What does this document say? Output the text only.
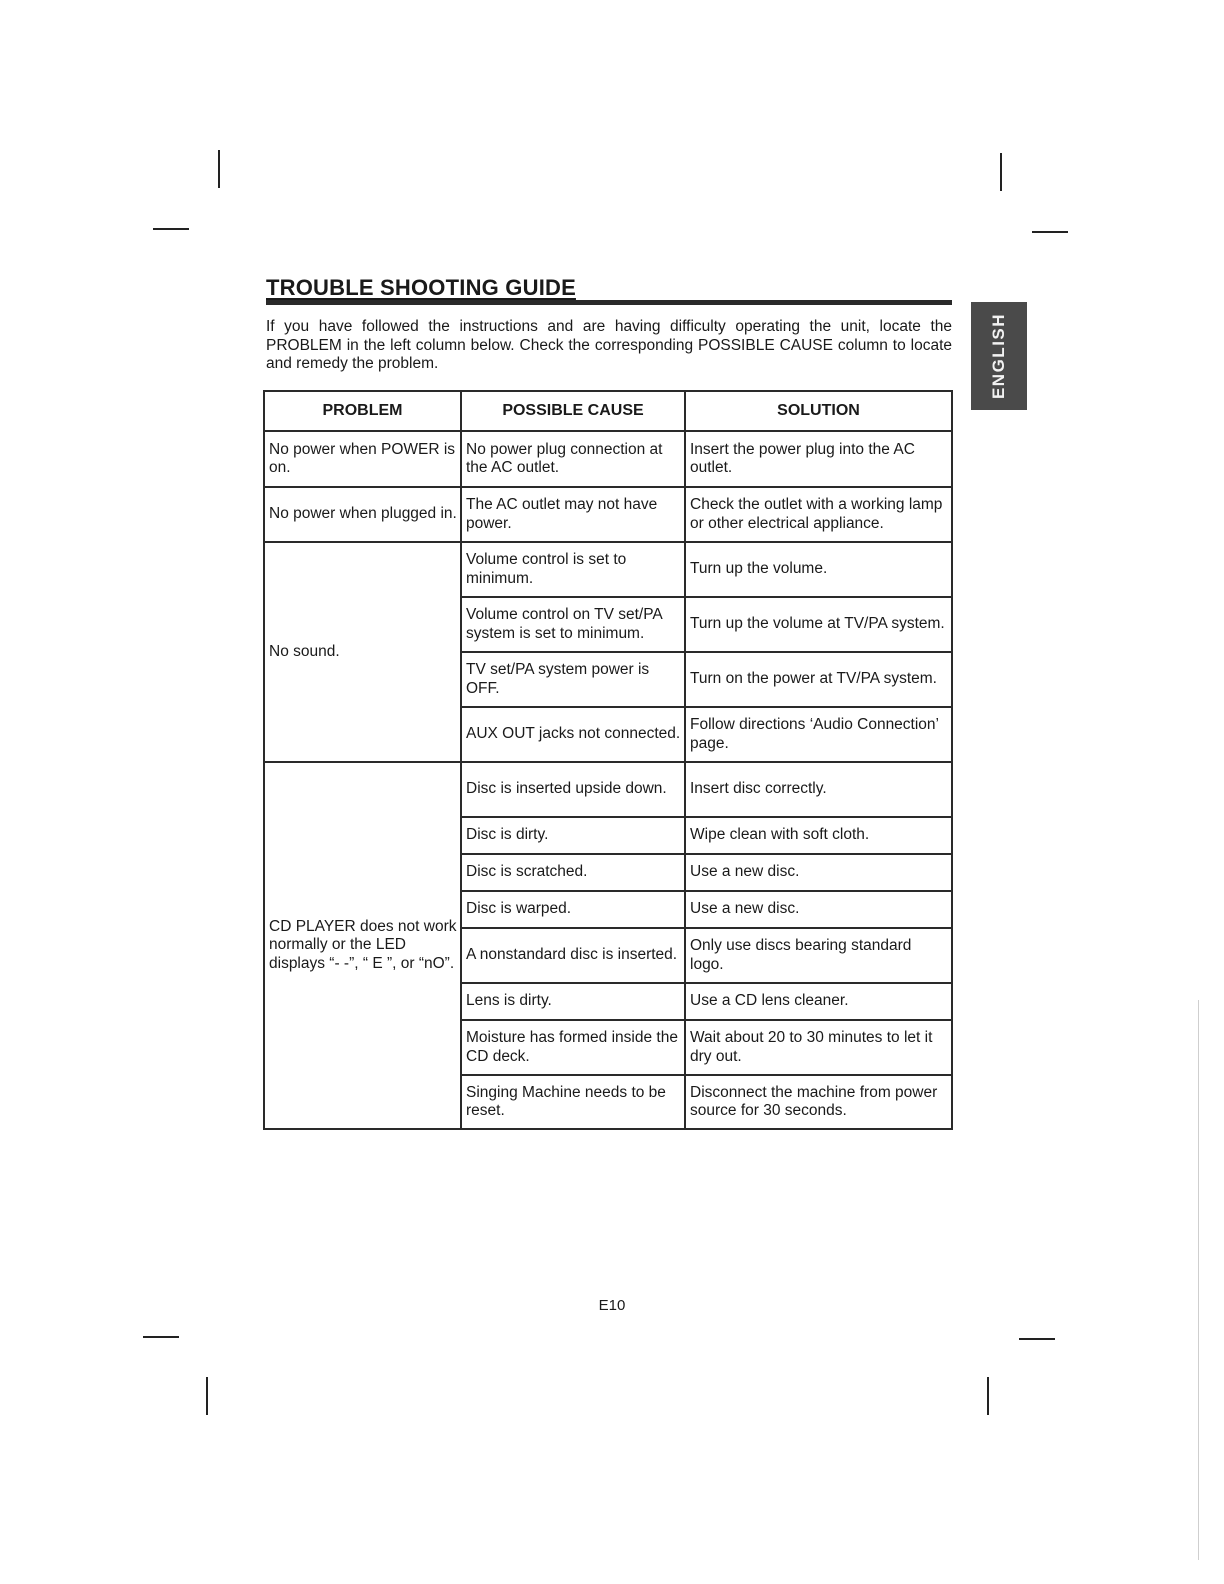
ENGLISH
TROUBLE SHOOTING GUIDE

If you have followed the instructions and are having difficulty operating the unit, locate the PROBLEM in the left column below. Check the corresponding POSSIBLE CAUSE column to locate and remedy the problem.

PROBLEM	POSSIBLE CAUSE	SOLUTION
No power when POWER is on.	No power plug connection at the AC outlet.	Insert the power plug into the AC outlet.
No power when plugged in.	The AC outlet may not have power.	Check the outlet with a working lamp or other electrical appliance.
No sound.	Volume control is set to minimum.	Turn up the volume.
	Volume control on TV set/PA system is set to minimum.	Turn up the volume at TV/PA system.
	TV set/PA system power is OFF.	Turn on the power at TV/PA system.
	AUX OUT jacks not connected.	Follow directions ‘Audio Connection’ page.
CD PLAYER does not work normally or the LED displays “- -”, “ E ”, or “nO”.	Disc is inserted upside down.	Insert disc correctly.
	Disc is dirty.	Wipe clean with soft cloth.
	Disc is scratched.	Use a new disc.
	Disc is warped.	Use a new disc.
	A nonstandard disc is inserted.	Only use discs bearing standard logo.
	Lens is dirty.	Use a CD lens cleaner.
	Moisture has formed inside the CD deck.	Wait about 20 to 30 minutes to let it dry out.
	Singing Machine needs to be reset.	Disconnect the machine from power source for 30 seconds.
E10
